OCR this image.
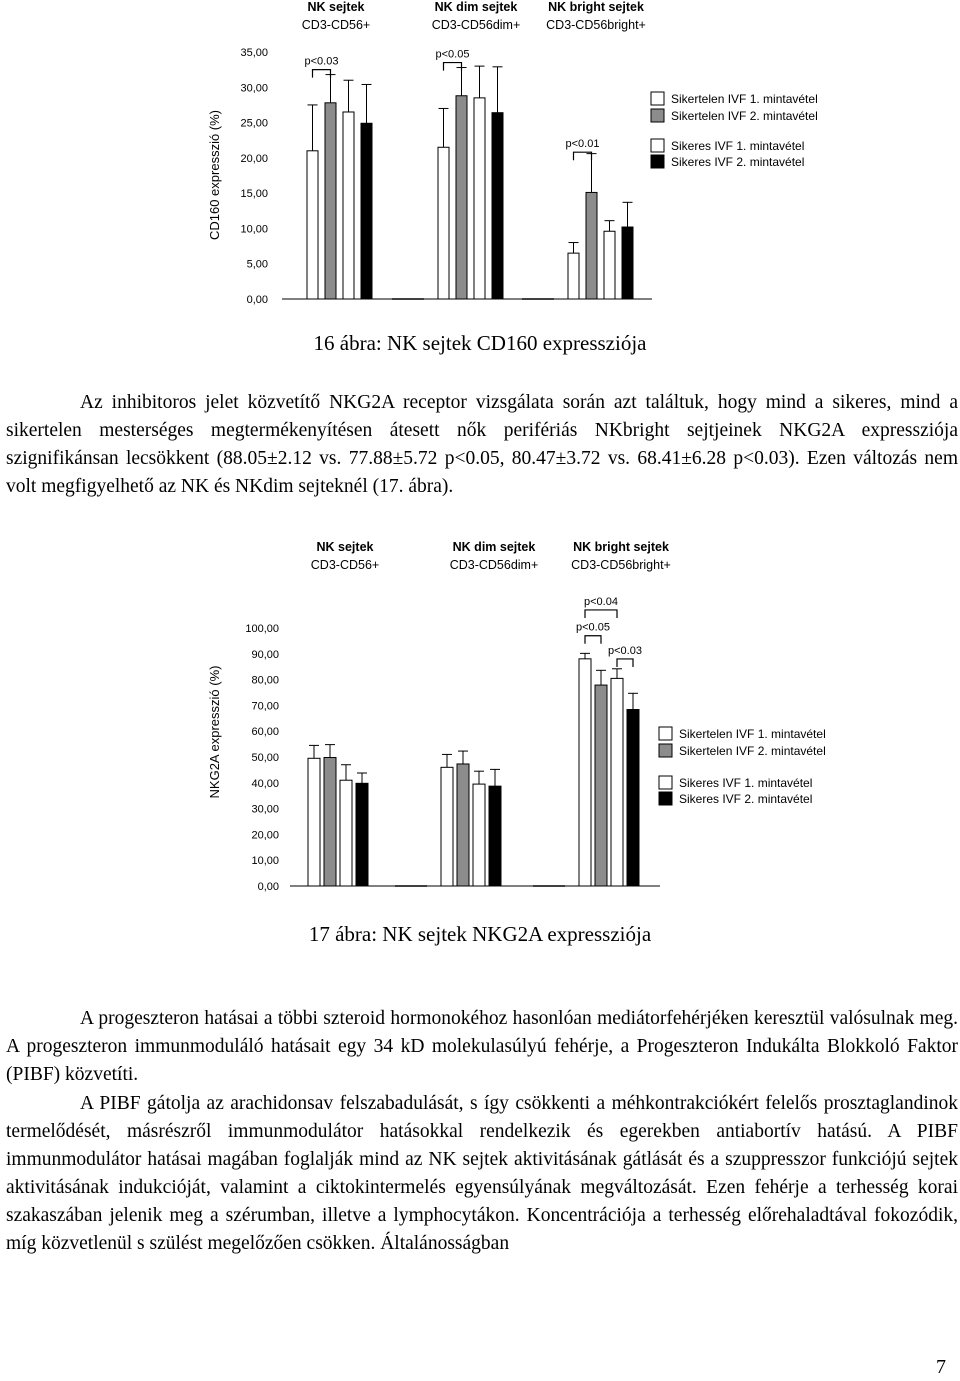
0,00
5,00
10,00
15,00
20,00
25,00
30,00
35,00
CD160 expresszió (%)
NK sejtek
CD3-CD56+
NK dim sejtek
CD3-CD56dim+
NK bright sejtek
CD3-CD56bright+
p<0.03
p<0.05
p<0.01
Sikertelen IVF 1. mintavétel
Sikertelen IVF 2. mintavétel
Sikeres IVF 1. mintavétel
Sikeres IVF 2. mintavétel
16 ábra: NK sejtek CD160 expressziója

Az inhibitoros jelet közvetítő NKG2A receptor vizsgálata során azt találtuk, hogy mind a sikeres, mind a sikertelen mesterséges megtermékenyítésen átesett nők perifériás NKbright sejtjeinek NKG2A expressziója szignifikánsan lecsökkent (88.05±2.12 vs. 77.88±5.72 p<0.05, 80.47±3.72 vs. 68.41±6.28 p<0.03). Ezen változás nem volt megfigyelhető az NK és NKdim sejteknél (17. ábra).

0,00
10,00
20,00
30,00
40,00
50,00
60,00
70,00
80,00
90,00
100,00
NKG2A expresszió (%)
NK sejtek
CD3-CD56+
NK dim sejtek
CD3-CD56dim+
NK bright sejtek
CD3-CD56bright+
p<0.04
p<0.05
p<0.03
Sikertelen IVF 1. mintavétel
Sikertelen IVF 2. mintavétel
Sikeres IVF 1. mintavétel
Sikeres IVF 2. mintavétel
17 ábra: NK sejtek NKG2A expressziója

A progeszteron hatásai a többi szteroid hormonokéhoz hasonlóan mediátorfehérjéken keresztül valósulnak meg. A progeszteron immunmoduláló hatásait egy 34 kD molekulasúlyú fehérje, a Progeszteron Indukálta Blokkoló Faktor (PIBF) közvetíti.

A PIBF gátolja az arachidonsav felszabadulását, s így csökkenti a méhkontrakciókért felelős prosztaglandinok termelődését, másrészről immunmodulátor hatásokkal rendelkezik és egerekben antiabortív hatású. A PIBF immunmodulátor hatásai magában foglalják mind az NK sejtek aktivitásának gátlását és a szuppresszor funkciójú sejtek aktivitásának indukcióját, valamint a ciktokintermelés egyensúlyának megváltozását. Ezen fehérje a terhesség korai szakaszában jelenik meg a szérumban, illetve a lymphocytákon. Koncentrációja a terhesség előrehaladtával fokozódik, míg közvetlenül s szülést megelőzően csökken. Általánosságban

7
